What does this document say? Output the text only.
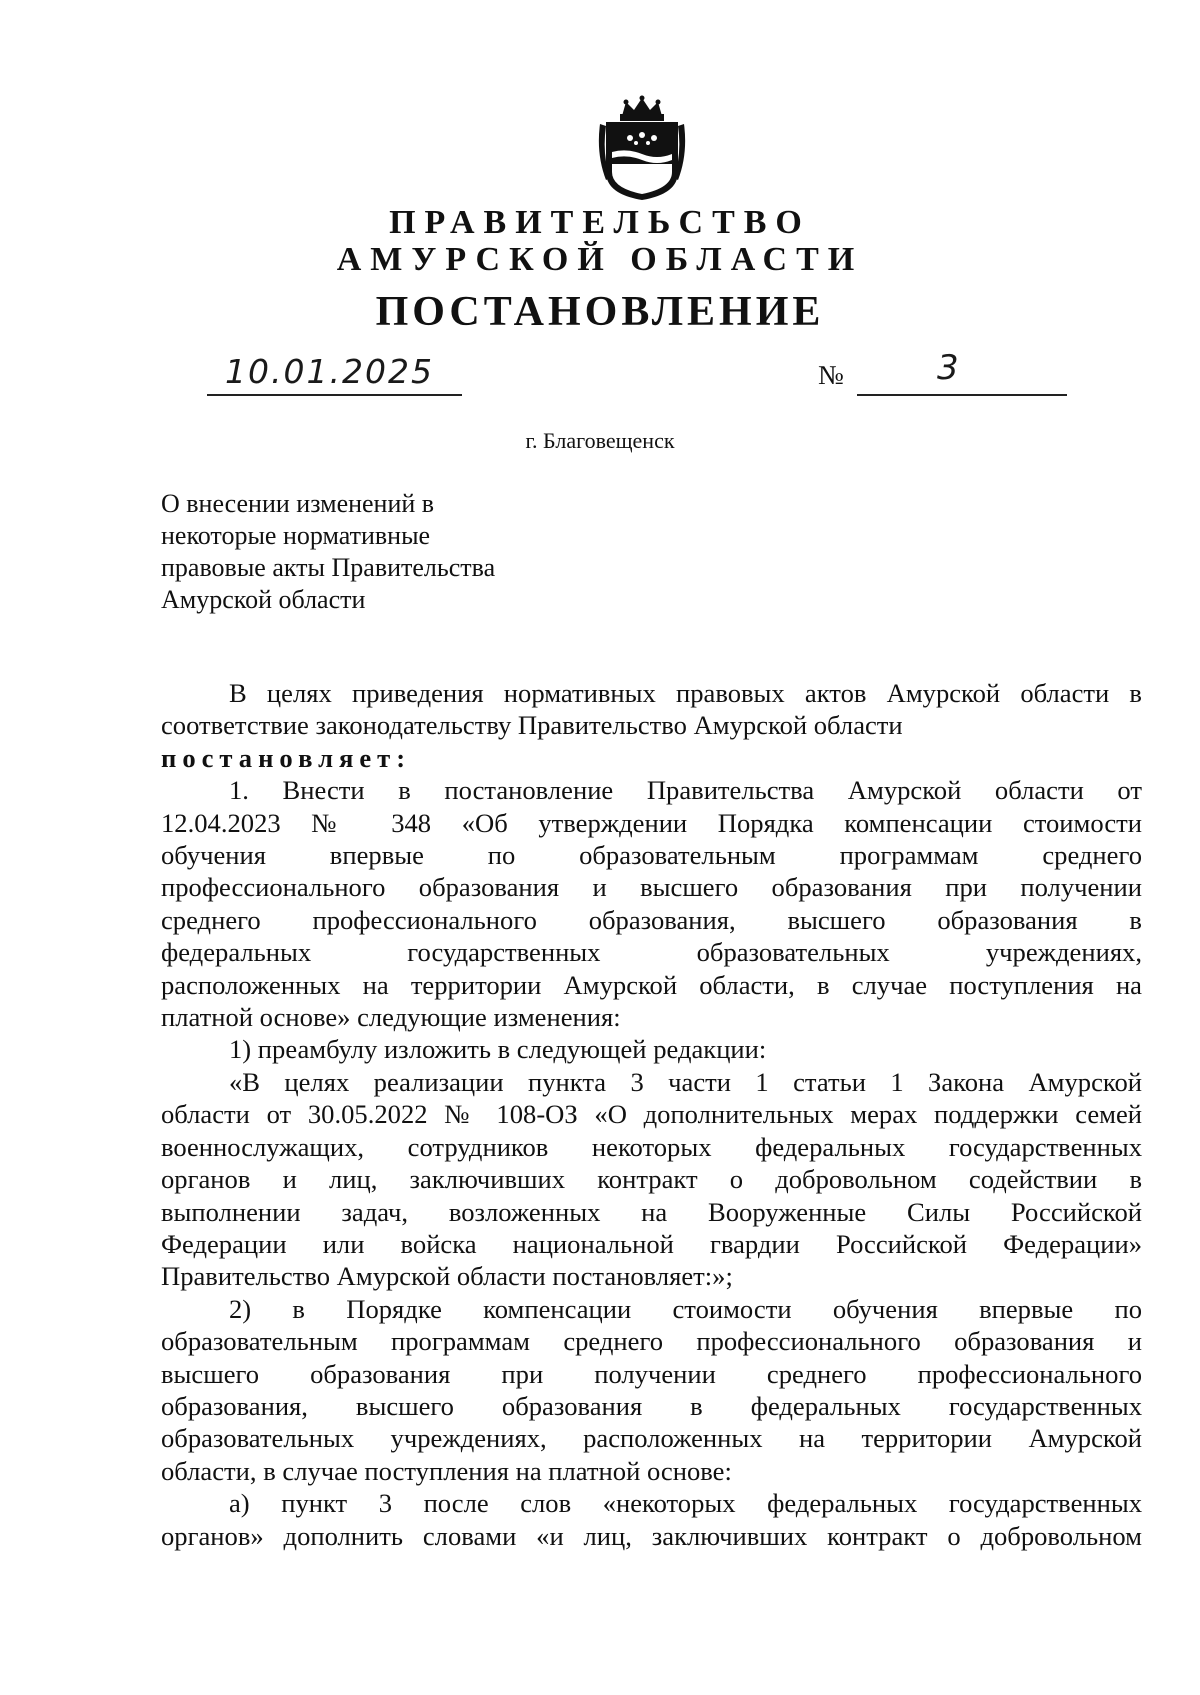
ПРАВИТЕЛЬСТВО
АМУРСКОЙ ОБЛАСТИ
ПОСТАНОВЛЕНИЕ
10.01.2025	№	3
г. Благовещенск
О внесении изменений в
некоторые нормативные
правовые акты Правительства
Амурской области
В целях приведения нормативных правовых актов Амурской области в
соответствие законодательству Правительство Амурской области
постановляет:
1. Внести в постановление Правительства Амурской области от
12.04.2023 № 348 «Об утверждении Порядка компенсации стоимости
обучения впервые по образовательным программам среднего
профессионального образования и высшего образования при получении
среднего профессионального образования, высшего образования в
федеральных государственных образовательных учреждениях,
расположенных на территории Амурской области, в случае поступления на
платной основе» следующие изменения:
1) преамбулу изложить в следующей редакции:
«В целях реализации пункта 3 части 1 статьи 1 Закона Амурской
области от 30.05.2022 № 108-ОЗ «О дополнительных мерах поддержки семей
военнослужащих, сотрудников некоторых федеральных государственных
органов и лиц, заключивших контракт о добровольном содействии в
выполнении задач, возложенных на Вооруженные Силы Российской
Федерации или войска национальной гвардии Российской Федерации»
Правительство Амурской области постановляет:»;
2) в Порядке компенсации стоимости обучения впервые по
образовательным программам среднего профессионального образования и
высшего образования при получении среднего профессионального
образования, высшего образования в федеральных государственных
образовательных учреждениях, расположенных на территории Амурской
области, в случае поступления на платной основе:
а) пункт 3 после слов «некоторых федеральных государственных
органов» дополнить словами «и лиц, заключивших контракт о добровольном
